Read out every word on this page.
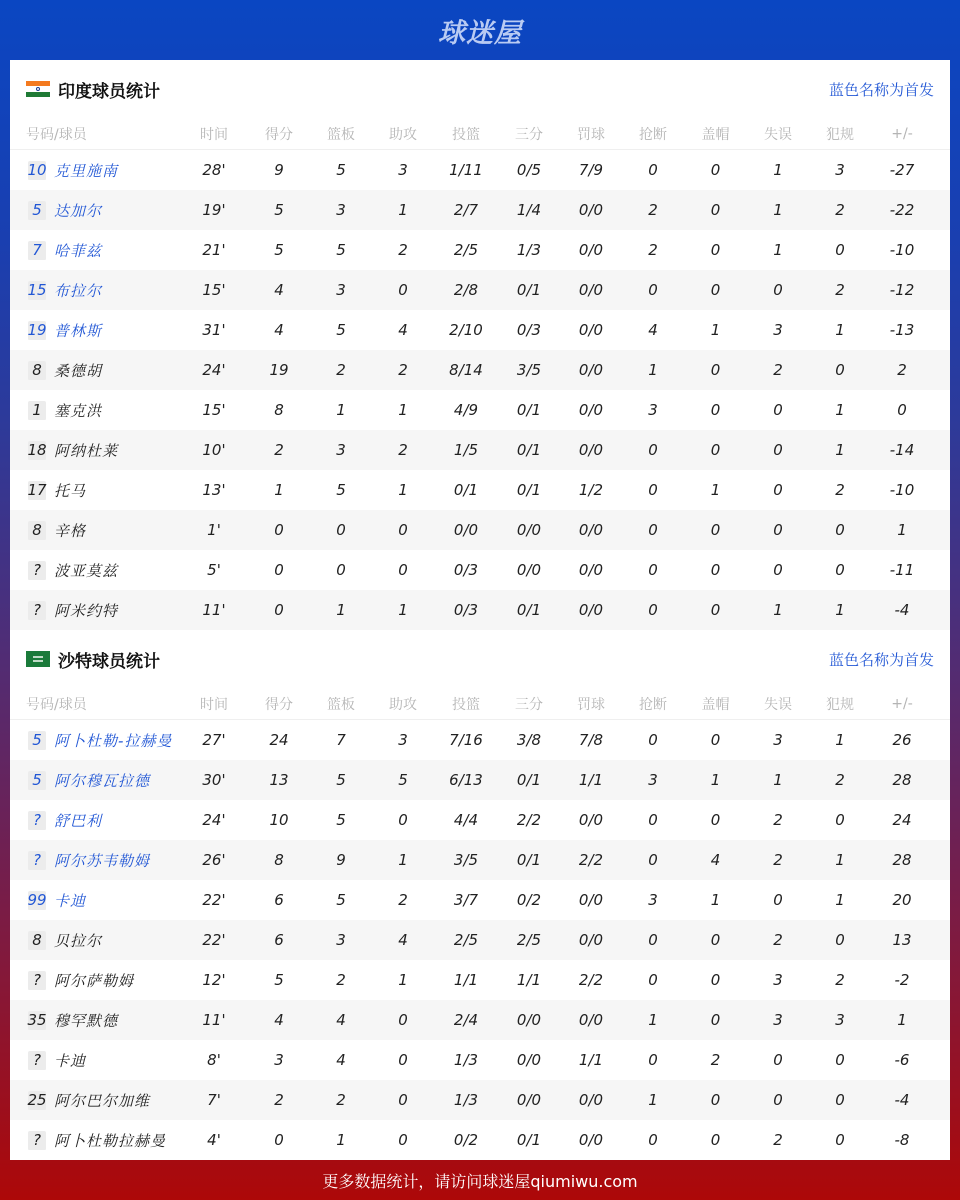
球迷屋
印度球员统计	蓝色名称为首发
号码/球员	时间	得分	篮板	助攻	投篮	三分	罚球	抢断	盖帽	失误	犯规	+/-
10 克里施南	28'	9	5	3	1/11	0/5	7/9	0	0	1	3	-27
5 达加尔	19'	5	3	1	2/7	1/4	0/0	2	0	1	2	-22
7 哈菲兹	21'	5	5	2	2/5	1/3	0/0	2	0	1	0	-10
15 布拉尔	15'	4	3	0	2/8	0/1	0/0	0	0	0	2	-12
19 普林斯	31'	4	5	4	2/10	0/3	0/0	4	1	3	1	-13
8 桑德胡	24'	19	2	2	8/14	3/5	0/0	1	0	2	0	2
1 塞克洪	15'	8	1	1	4/9	0/1	0/0	3	0	0	1	0
18 阿纳杜莱	10'	2	3	2	1/5	0/1	0/0	0	0	0	1	-14
17 托马	13'	1	5	1	0/1	0/1	1/2	0	1	0	2	-10
8 辛格	1'	0	0	0	0/0	0/0	0/0	0	0	0	0	1
? 波亚莫兹	5'	0	0	0	0/3	0/0	0/0	0	0	0	0	-11
? 阿米约特	11'	0	1	1	0/3	0/1	0/0	0	0	1	1	-4
沙特球员统计	蓝色名称为首发
号码/球员	时间	得分	篮板	助攻	投篮	三分	罚球	抢断	盖帽	失误	犯规	+/-
5 阿卜杜勒-拉赫曼	27'	24	7	3	7/16	3/8	7/8	0	0	3	1	26
5 阿尔穆瓦拉德	30'	13	5	5	6/13	0/1	1/1	3	1	1	2	28
? 舒巴利	24'	10	5	0	4/4	2/2	0/0	0	0	2	0	24
? 阿尔苏韦勒姆	26'	8	9	1	3/5	0/1	2/2	0	4	2	1	28
99 卡迪	22'	6	5	2	3/7	0/2	0/0	3	1	0	1	20
8 贝拉尔	22'	6	3	4	2/5	2/5	0/0	0	0	2	0	13
? 阿尔萨勒姆	12'	5	2	1	1/1	1/1	2/2	0	0	3	2	-2
35 穆罕默德	11'	4	4	0	2/4	0/0	0/0	1	0	3	3	1
? 卡迪	8'	3	4	0	1/3	0/0	1/1	0	2	0	0	-6
25 阿尔巴尔加维	7'	2	2	0	1/3	0/0	0/0	1	0	0	0	-4
? 阿卜杜勒拉赫曼	4'	0	1	0	0/2	0/1	0/0	0	0	2	0	-8
更多数据统计，请访问球迷屋qiumiwu.com
